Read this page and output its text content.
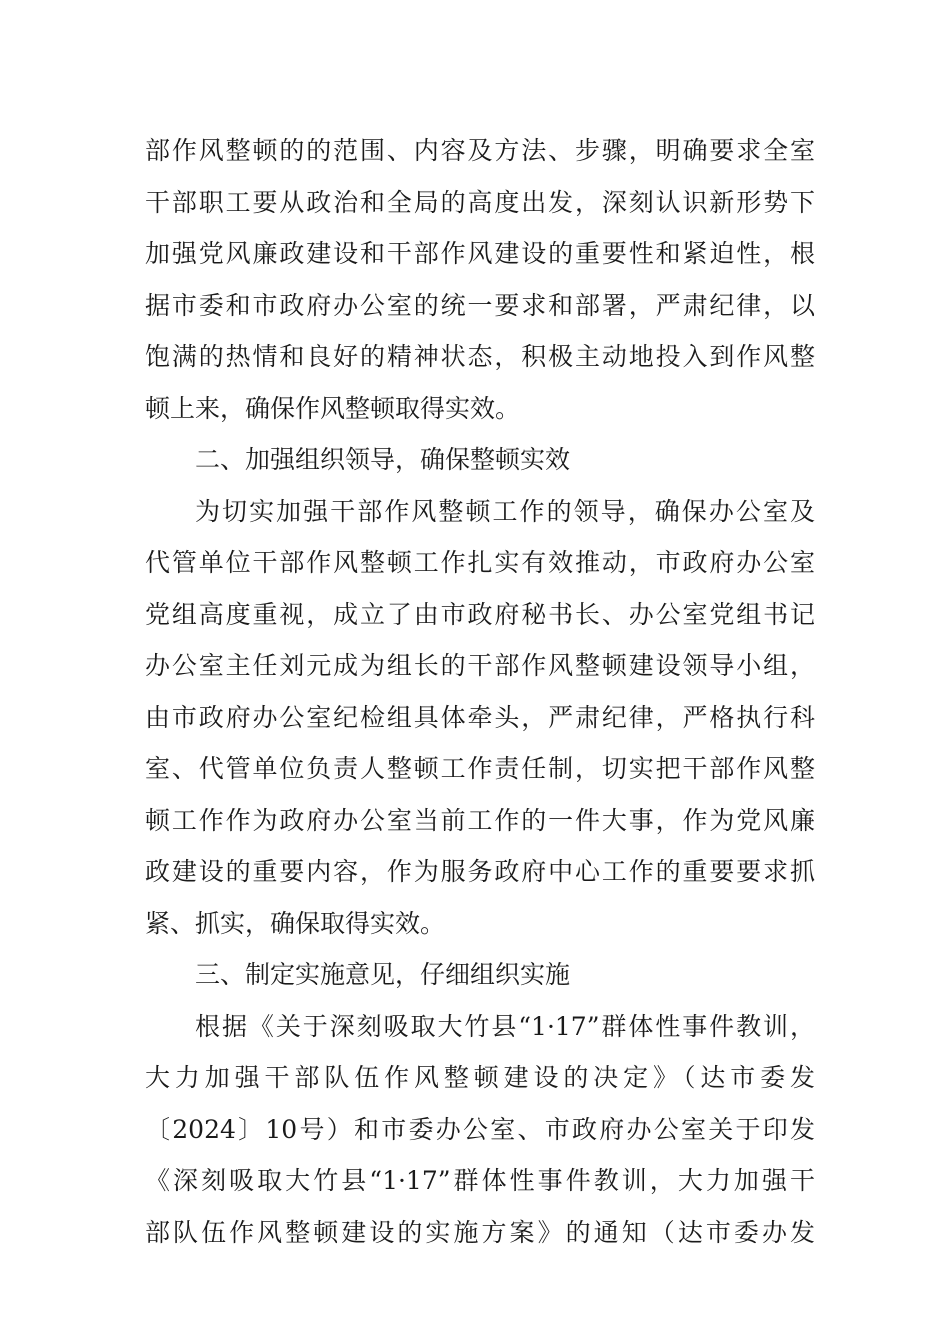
部作风整顿的的范围、内容及方法、步骤，明确要求全室
干部职工要从政治和全局的高度出发，深刻认识新形势下
加强党风廉政建设和干部作风建设的重要性和紧迫性，根
据市委和市政府办公室的统一要求和部署，严肃纪律，以
饱满的热情和良好的精神状态，积极主动地投入到作风整
顿上来，确保作风整顿取得实效。
二、加强组织领导，确保整顿实效
为切实加强干部作风整顿工作的领导，确保办公室及
代管单位干部作风整顿工作扎实有效推动，市政府办公室
党组高度重视，成立了由市政府秘书长、办公室党组书记
办公室主任刘元成为组长的干部作风整顿建设领导小组，
由市政府办公室纪检组具体牵头，严肃纪律，严格执行科
室、代管单位负责人整顿工作责任制，切实把干部作风整
顿工作作为政府办公室当前工作的一件大事，作为党风廉
政建设的重要内容，作为服务政府中心工作的重要要求抓
紧、抓实，确保取得实效。
三、制定实施意见，仔细组织实施
根据《关于深刻吸取大竹县“1·17”群体性事件教训，
大力加强干部队伍作风整顿建设的决定》（达市委发
〔2024〕10号）和市委办公室、市政府办公室关于印发
《深刻吸取大竹县“1·17”群体性事件教训，大力加强干
部队伍作风整顿建设的实施方案》的通知（达市委办发
